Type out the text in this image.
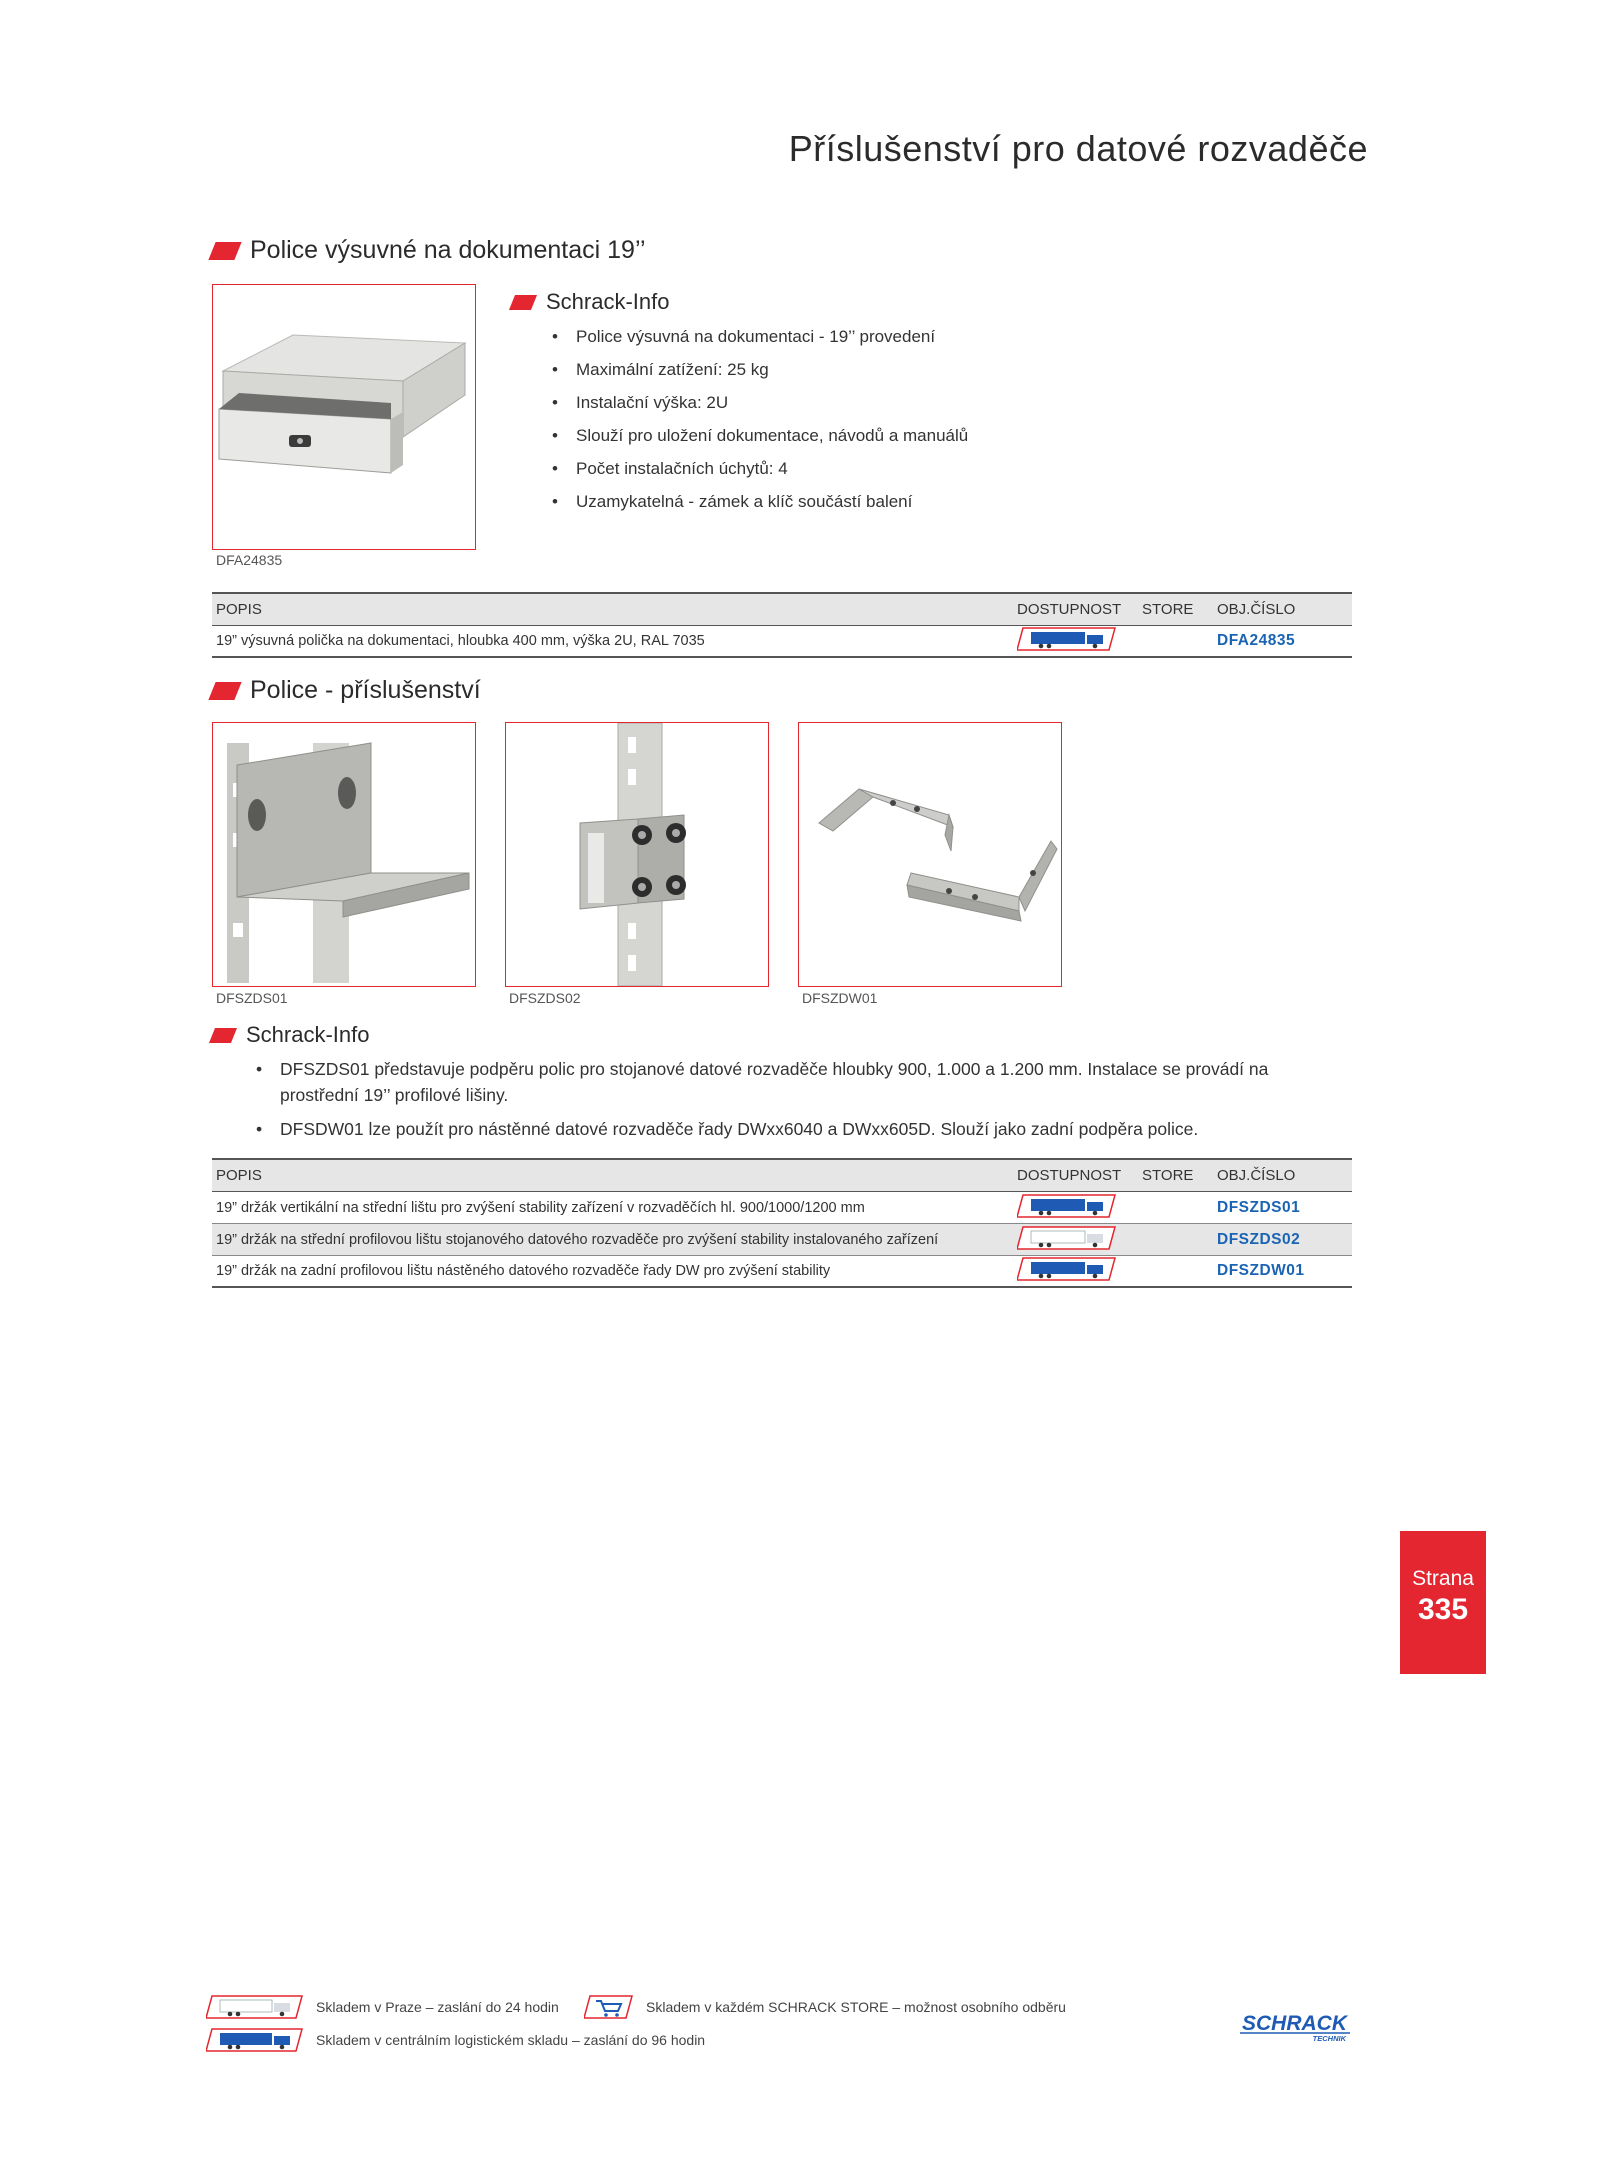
Příslušenství pro datové rozvaděče
Police výsuvné na dokumentaci 19’’
DFA24835
Schrack-Info
• Police výsuvná na dokumentaci - 19’’ provedení
• Maximální zatížení: 25 kg
• Instalační výška: 2U
• Slouží pro uložení dokumentace, návodů a manuálů
• Počet instalačních úchytů: 4
• Uzamykatelná - zámek a klíč součástí balení
POPIS	DOSTUPNOST	STORE	OBJ.ČÍSLO
19” výsuvná polička na dokumentaci, hloubka 400 mm, výška 2U, RAL 7035	DFA24835
Police - příslušenství
DFSZDS01	DFSZDS02	DFSZDW01
Schrack-Info
• DFSZDS01 představuje podpěru polic pro stojanové datové rozvaděče hloubky 900, 1.000 a 1.200 mm. Instalace se provádí na prostřední 19’’ profilové lišiny.
• DFSDW01 lze použít pro nástěnné datové rozvaděče řady DWxx6040 a DWxx605D. Slouží jako zadní podpěra police.
POPIS	DOSTUPNOST	STORE	OBJ.ČÍSLO
19” držák vertikální na střední lištu pro zvýšení stability zařízení v rozvaděčích hl. 900/1000/1200 mm	DFSZDS01
19” držák na střední profilovou lištu stojanového datového rozvaděče pro zvýšení stability instalovaného zařízení	DFSZDS02
19” držák na zadní profilovou lištu nástěného datového rozvaděče řady DW pro zvýšení stability	DFSZDW01
Strana
335
Skladem v Praze – zaslání do 24 hodin	Skladem v každém SCHRACK STORE – možnost osobního odběru
Skladem v centrálním logistickém skladu – zaslání do 96 hodin
SCHRACK
TECHNIK
